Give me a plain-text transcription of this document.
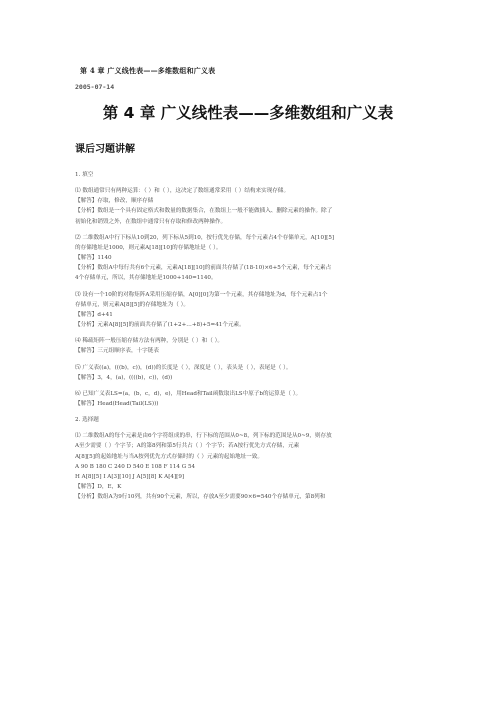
第 4 章 广义线性表——多维数组和广义表
2005-07-14
第 4 章 广义线性表——多维数组和广义表
课后习题讲解

1. 填空

⑴ 数组通常只有两种运算：（ ）和（ ），这决定了数组通常采用（ ）结构来实现存储。

【解答】存取，修改，顺序存储

【分析】数组是一个具有固定格式和数量的数据集合，在数组上一般不能做插入、删除元素的操作。除了

初始化和销毁之外，在数组中通常只有存取和修改两种操作。

⑵ 二维数组A中行下标从10到20，列下标从5到10，按行优先存储，每个元素占4个存储单元，A[10][5]

的存储地址是1000，则元素A[18][10]的存储地址是（ ）。

【解答】1140

【分析】数组A中每行共有6个元素，元素A[18][10]的前面共存储了(18-10)×6+5个元素，每个元素占

4个存储单元，所以，其存储地址是1000+140=1140。

⑶ 设有一个10阶的对称矩阵A采用压缩存储，A[0][0]为第一个元素，其存储地址为d，每个元素占1个

存储单元，则元素A[8][5]的存储地址为（ ）。

【解答】d+41

【分析】元素A[8][5]的前面共存储了(1+2+…+8)+5=41个元素。

⑷ 稀疏矩阵一般压缩存储方法有两种，分别是（ ）和（ ）。

【解答】三元组顺序表，十字链表

⑸ 广义表((a)，(((b)，c))，(d))的长度是（ ），深度是（ ），表头是（ ），表尾是（ ）。

【解答】3，4，(a)，((((b)，c))，(d))

⑹ 已知广义表LS=(a，(b，c，d)，e)，用Head和Tail函数取出LS中原子b的运算是（ ）。

【解答】Head(Head(Tail(LS)))

2. 选择题

⑴ 二维数组A的每个元素是由6个字符组成的串，行下标的范围从0~8，列下标的范围是从0~9，则存放

A至少需要（ ）个字节；A的第8列和第5行共占（ ）个字节；若A按行优先方式存储，元素

A[8][5]的起始地址与当A按列优先方式存储时的（ ）元素的起始地址一致。

A 90 B 180 C 240 D 540 E 108 F 114 G 54

H A[8][5] I A[3][10] J A[5][8] K A[4][9]

【解答】D，E，K

【分析】数组A为9行10列，共有90个元素，所以，存放A至少需要90×6=540个存储单元，第8列和
